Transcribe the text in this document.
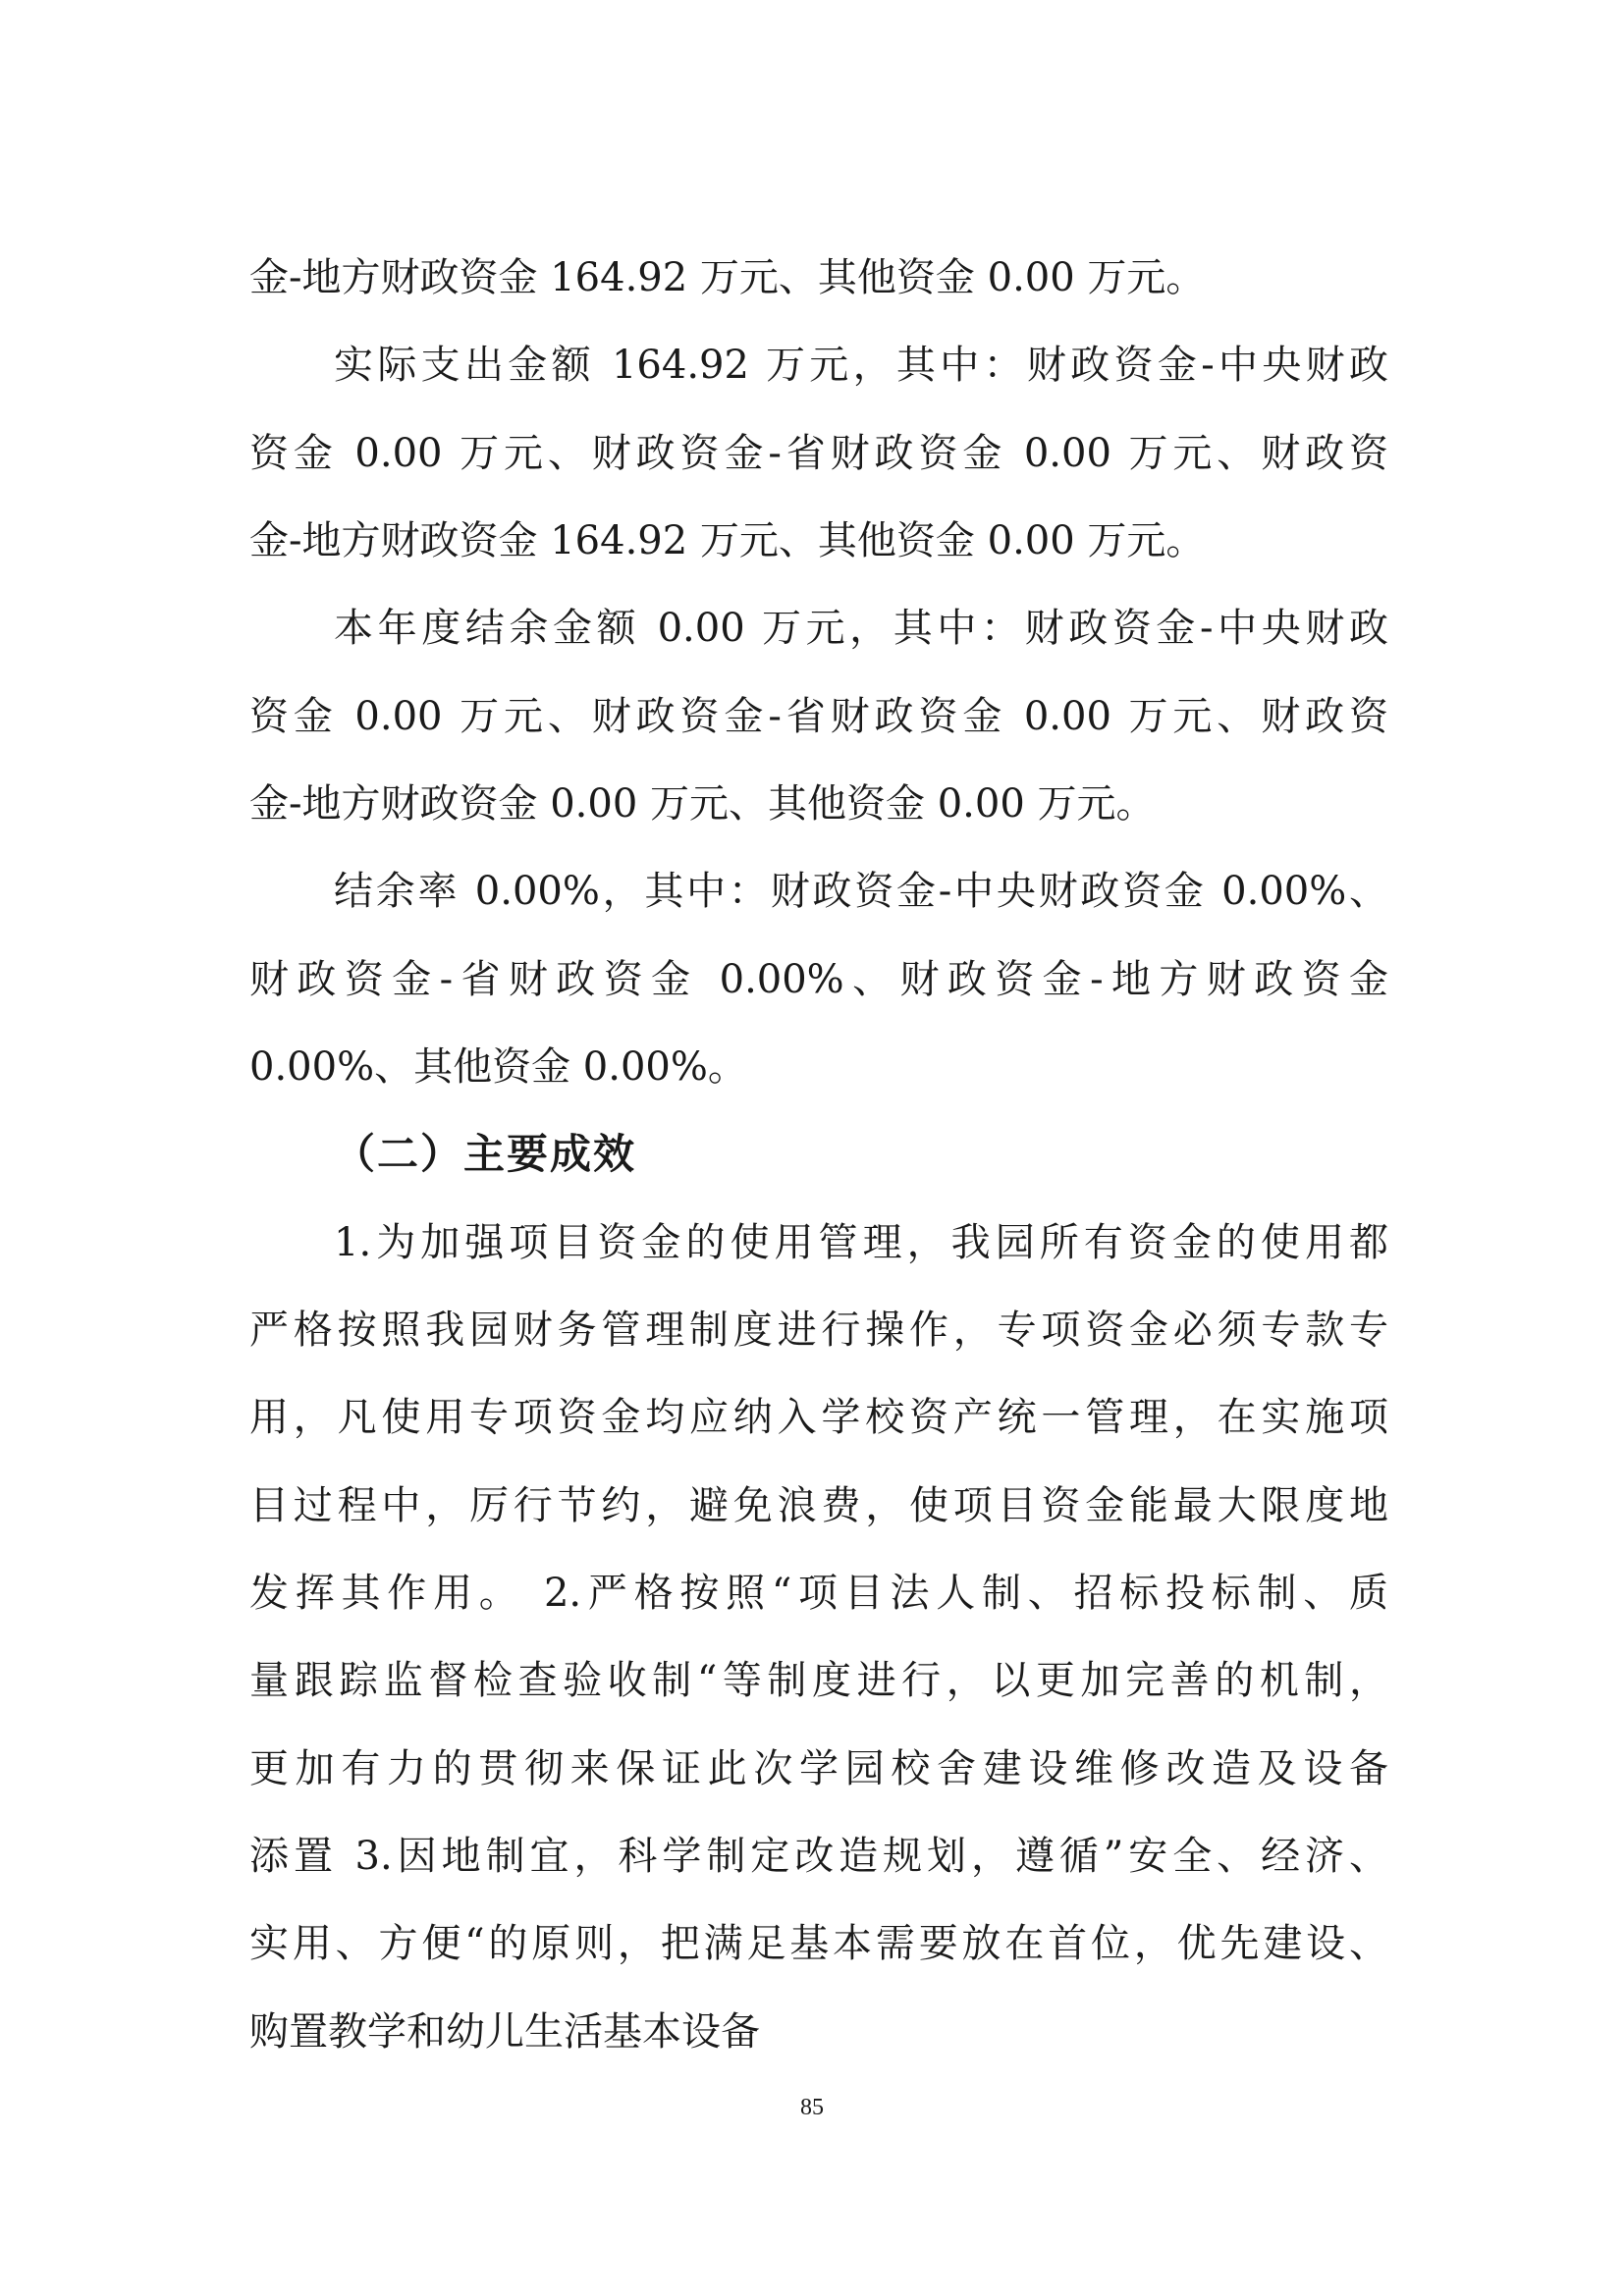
金-地方财政资金 164.92 万元、其他资金 0.00 万元。
实际支出金额 164.92 万元，其中：财政资金-中央财政
资金 0.00 万元、财政资金-省财政资金 0.00 万元、财政资
金-地方财政资金 164.92 万元、其他资金 0.00 万元。
本年度结余金额 0.00 万元，其中：财政资金-中央财政
资金 0.00 万元、财政资金-省财政资金 0.00 万元、财政资
金-地方财政资金 0.00 万元、其他资金 0.00 万元。
结余率 0.00%，其中：财政资金-中央财政资金 0.00%、
财政资金-省财政资金 0.00%、财政资金-地方财政资金
0.00%、其他资金 0.00%。
（二）主要成效
1.为加强项目资金的使用管理，我园所有资金的使用都
严格按照我园财务管理制度进行操作，专项资金必须专款专
用，凡使用专项资金均应纳入学校资产统一管理，在实施项
目过程中，厉行节约，避免浪费，使项目资金能最大限度地
发挥其作用。 2.严格按照“项目法人制、招标投标制、质
量跟踪监督检查验收制“等制度进行，以更加完善的机制，
更加有力的贯彻来保证此次学园校舍建设维修改造及设备
添置 3.因地制宜，科学制定改造规划，遵循”安全、经济、
实用、方便“的原则，把满足基本需要放在首位，优先建设、
购置教学和幼儿生活基本设备
85
